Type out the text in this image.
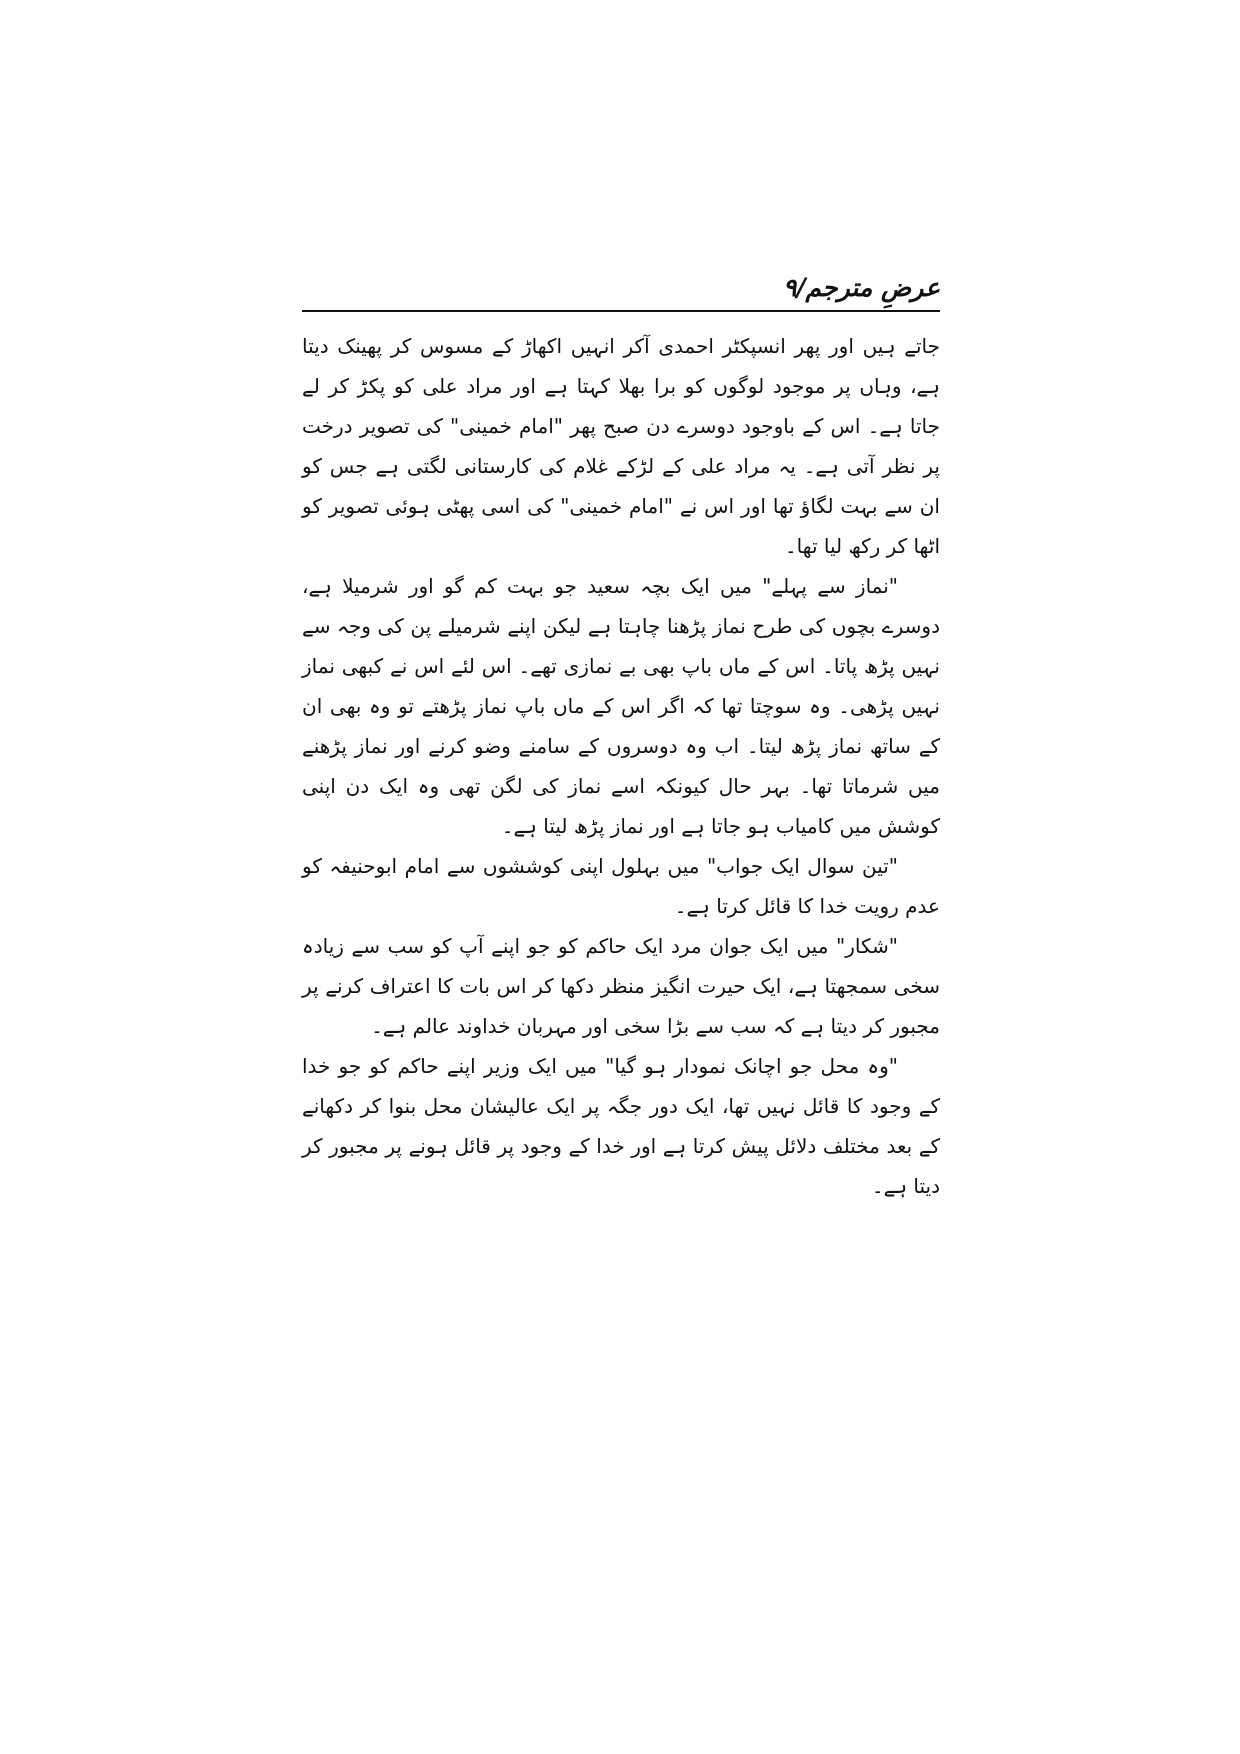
عرضِ مترجم/۹

جاتے ہیں اور پھر انسپکٹر احمدی آکر انہیں اکھاڑ کے مسوس کر پھینک دیتا ہے، وہاں پر موجود لوگوں کو برا بھلا کہتا ہے اور مراد علی کو پکڑ کر لے جاتا ہے۔ اس کے باوجود دوسرے دن صبح پھر "امام خمینی" کی تصویر درخت پر نظر آتی ہے۔ یہ مراد علی کے لڑکے غلام کی کارستانی لگتی ہے جس کو ان سے بہت لگاؤ تھا اور اس نے "امام خمینی" کی اسی پھٹی ہوئی تصویر کو اٹھا کر رکھ لیا تھا۔

"نماز سے پہلے" میں ایک بچہ سعید جو بہت کم گو اور شرمیلا ہے، دوسرے بچوں کی طرح نماز پڑھنا چاہتا ہے لیکن اپنے شرمیلے پن کی وجہ سے نہیں پڑھ پاتا۔ اس کے ماں باپ بھی بے نمازی تھے۔ اس لئے اس نے کبھی نماز نہیں پڑھی۔ وہ سوچتا تھا کہ اگر اس کے ماں باپ نماز پڑھتے تو وہ بھی ان کے ساتھ نماز پڑھ لیتا۔ اب وہ دوسروں کے سامنے وضو کرنے اور نماز پڑھنے میں شرماتا تھا۔ بہر حال کیونکہ اسے نماز کی لگن تھی وہ ایک دن اپنی کوشش میں کامیاب ہو جاتا ہے اور نماز پڑھ لیتا ہے۔

"تین سوال ایک جواب" میں بہلول اپنی کوششوں سے امام ابوحنیفہ کو عدم رویت خدا کا قائل کرتا ہے۔

"شکار" میں ایک جوان مرد ایک حاکم کو جو اپنے آپ کو سب سے زیادہ سخی سمجھتا ہے، ایک حیرت انگیز منظر دکھا کر اس بات کا اعتراف کرنے پر مجبور کر دیتا ہے کہ سب سے بڑا سخی اور مہربان خداوند عالم ہے۔

"وہ محل جو اچانک نمودار ہو گیا" میں ایک وزیر اپنے حاکم کو جو خدا کے وجود کا قائل نہیں تھا، ایک دور جگہ پر ایک عالیشان محل بنوا کر دکھانے کے بعد مختلف دلائل پیش کرتا ہے اور خدا کے وجود پر قائل ہونے پر مجبور کر دیتا ہے۔
